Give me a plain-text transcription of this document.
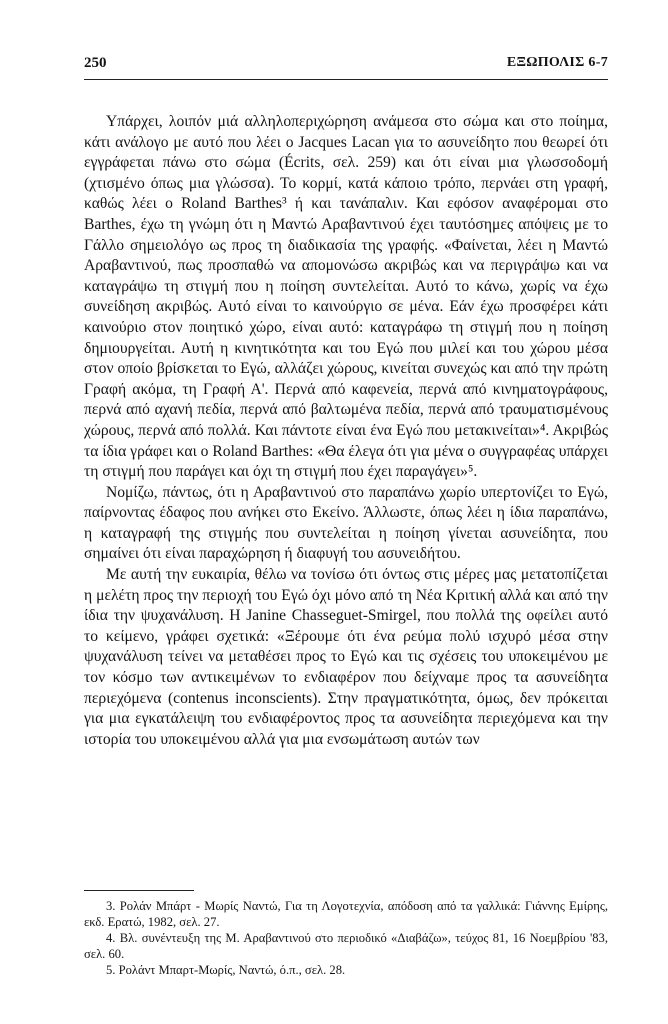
250	ΕΞΩΠΟΛΙΣ 6-7

Υπάρχει, λοιπόν μιά αλληλοπεριχώρηση ανάμεσα στο σώμα και στο ποίημα, κάτι ανάλογο με αυτό που λέει ο Jacques Lacan για το ασυνείδητο που θεωρεί ότι εγγράφεται πάνω στο σώμα (Écrits, σελ. 259) και ότι είναι μια γλωσσοδομή (χτισμένο όπως μια γλώσσα). Το κορμί, κατά κάποιο τρόπο, περνάει στη γραφή, καθώς λέει ο Roland Barthes³ ή και τανάπαλιν. Και εφόσον αναφέρομαι στο Barthes, έχω τη γνώμη ότι η Μαντώ Αραβαντινού έχει ταυτόσημες απόψεις με το Γάλλο σημειολόγο ως προς τη διαδικασία της γραφής. «Φαίνεται, λέει η Μαντώ Αραβαντινού, πως προσπαθώ να απομονώσω ακριβώς και να περιγράψω και να καταγράψω τη στιγμή που η ποίηση συντελείται. Αυτό το κάνω, χωρίς να έχω συνείδηση ακριβώς. Αυτό είναι το καινούργιο σε μένα. Εάν έχω προσφέρει κάτι καινούριο στον ποιητικό χώρο, είναι αυτό: καταγράφω τη στιγμή που η ποίηση δημιουργείται. Αυτή η κινητικότητα και του Εγώ που μιλεί και του χώρου μέσα στον οποίο βρίσκεται το Εγώ, αλλάζει χώρους, κινείται συνεχώς και από την πρώτη Γραφή ακόμα, τη Γραφή Α'. Περνά από καφενεία, περνά από κινηματογράφους, περνά από αχανή πεδία, περνά από βαλτωμένα πεδία, περνά από τραυματισμένους χώρους, περνά από πολλά. Και πάντοτε είναι ένα Εγώ που μετακινείται»⁴. Ακριβώς τα ίδια γράφει και ο Roland Barthes: «Θα έλεγα ότι για μένα ο συγγραφέας υπάρχει τη στιγμή που παράγει και όχι τη στιγμή που έχει παραγάγει»⁵.

Νομίζω, πάντως, ότι η Αραβαντινού στο παραπάνω χωρίο υπερτονίζει το Εγώ, παίρνοντας έδαφος που ανήκει στο Εκείνο. Άλλωστε, όπως λέει η ίδια παραπάνω, η καταγραφή της στιγμής που συντελείται η ποίηση γίνεται ασυνείδητα, που σημαίνει ότι είναι παραχώρηση ή διαφυγή του ασυνειδήτου.

Με αυτή την ευκαιρία, θέλω να τονίσω ότι όντως στις μέρες μας μετατοπίζεται η μελέτη προς την περιοχή του Εγώ όχι μόνο από τη Νέα Κριτική αλλά και από την ίδια την ψυχανάλυση. Η Janine Chasseguet-Smirgel, που πολλά της οφείλει αυτό το κείμενο, γράφει σχετικά: «Ξέρουμε ότι ένα ρεύμα πολύ ισχυρό μέσα στην ψυχανάλυση τείνει να μεταθέσει προς το Εγώ και τις σχέσεις του υποκειμένου με τον κόσμο των αντικειμένων το ενδιαφέρον που δείχναμε προς τα ασυνείδητα περιεχόμενα (contenus inconscients). Στην πραγματικότητα, όμως, δεν πρόκειται για μια εγκατάλειψη του ενδιαφέροντος προς τα ασυνείδητα περιεχόμενα και την ιστορία του υποκειμένου αλλά για μια ενσωμάτωση αυτών των

3. Ρολάν Μπάρτ - Μωρίς Ναντώ, Για τη Λογοτεχνία, απόδοση από τα γαλλικά: Γιάννης Εμίρης, εκδ. Ερατώ, 1982, σελ. 27.

4. Βλ. συνέντευξη της Μ. Αραβαντινού στο περιοδικό «Διαβάζω», τεύχος 81, 16 Νοεμβρίου '83, σελ. 60.

5. Ρολάντ Μπαρτ-Μωρίς, Ναντώ, ό.π., σελ. 28.
